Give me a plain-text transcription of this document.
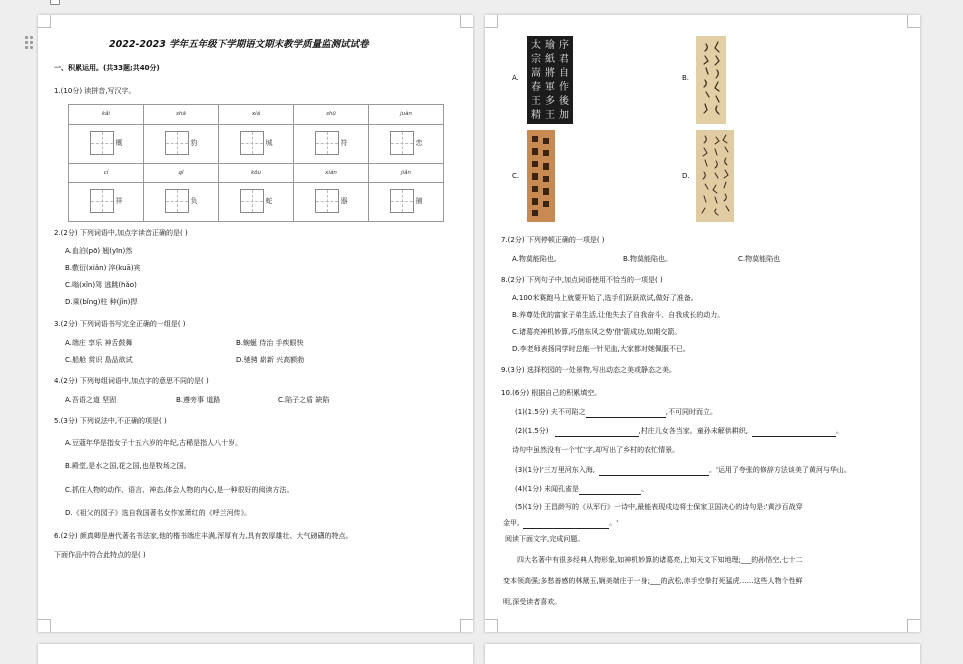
2022-2023 学年五年级下学期语文期末教学质量监测试试卷
一、积累运用。(共33题;共40分)
1.(10分) 读拼音,写汉字。
kǎi	shā	xiá	shū	juàn

概	豹	城	符	恋

cí	qǐ	kōu	xián	jiǎn

祥	负	蛇	器	捕
2.(2分) 下列词语中,加点字读音正确的是( )
A.血泊(pō) 翘(yīn)然
B.敷衍(xiǎn) 淬(kuā)宾
C.嗡(xǐn)驾 逃跳(hǎo)
D.乘(bǐng)柱 种(jǐn)捍
3.(2分) 下列词语书写完全正确的一组是( )
A.端庄 享乐 神舌鼓舞	B.蜿蜒 侍治 手疾眼快
C.船舱 赏识 島品欲试	D.驰骋 崭新 兴高额勃
4.(2分) 下列每组词语中,加点字的意思不同的是( )
A.吾语之道 坚固	B.遵旁事 道路	C.陷子之盾 缺陷
5.(3分) 下列说法中,不正确的项是( )
A.豆蔻年华是指女子十五六岁的年纪,古稀是指人八十岁。
B.殿堂,是水之国,花之国,也是牧场之国。
C.抓住人物的动作、语言、神态,体会人物的内心,是一种很好的阅读方法。
D.《祖父的园子》选自我国著名女作家萧红的《呼兰河传》。
6.(2分) 颜真卿是唐代著名书法家,他的楷书端庄丰满,浑厚有力,具有敦厚雄壮、大气磅礴的特点。
下面作品中符合此特点的是( )
A.
序
君
自
作
後
加
瑜
紙
將
軍
多
王
太
宗
嵩
春
王
精
B.
C.	D.
7.(2分) 下列停顿正确的一项是( )
A.物莫能陷也。	B.物莫能陷也。	C.物莫能陷也
8.(2分) 下列句子中,加点词语使用不恰当的一项是( )
A.100米赛跑马上就要开始了,选手们跃跃欲试,做好了准备。
B.养尊处优的富家子弟生活,让他失去了自我奋斗、自我成长的动力。
C.诸葛亮神机妙算,巧借东风之势'借'箭成功,如期交箭。
D.李老师表扬同学时总能一针见血,大家都对她佩服不已。
9.(3分) 选择校园的一处景物,写出动态之美或静态之美。
10.(6分) 根据自己的积累填空。
(1)(1.5分) 夫不可陷之	,不可同时而立。
(2)(1.5分)	,村庄儿女各当家。童孙未解供耕织,	。
诗句中虽然没有一个'忙'字,却写出了乡村的农忙情景。
(3)(1分)'三万里河东入海,	。'运用了夸张的修辞方法谈美了黄河与华山。
(4)(1分) 未闻孔雀是	。
(5)(1分) 王昌龄写的《从军行》一诗中,最能表现戍边将士保家卫国决心的诗句是:'黄沙百战穿
金甲,	。'
阅读下面文字,完成问题。
四大名著中有很多经典人物形象,如神机妙算的诸葛亮,上知天文下知地理;___的孙悟空,七十二
变本领高强;多愁善感的林黛玉,娴美端庄于一身;___的武松,赤手空拳打死猛虎……这些人物个性鲜
明,深受读者喜欢。
